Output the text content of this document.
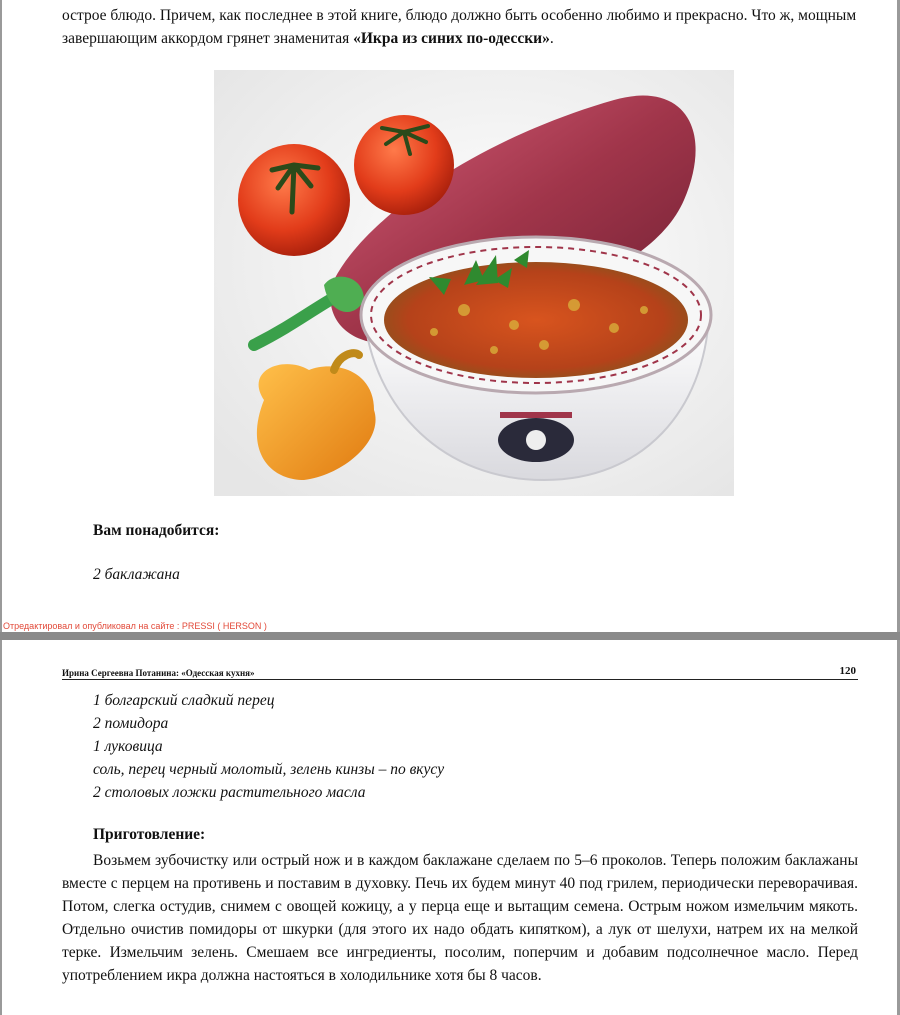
острое блюдо. Причем, как последнее в этой книге, блюдо должно быть особенно любимо и прекрасно. Что ж, мощным завершающим аккордом грянет знаменитая «Икра из синих по-одесски».
Вам понадобится:
2 баклажана
Отредактировал и опубликовал на сайте : PRESSI ( HERSON )
Ирина Сергеевна Потанина: «Одесская кухня»	120
1 болгарский сладкий перец
2 помидора
1 луковица
соль, перец черный молотый, зелень кинзы – по вкусу
2 столовых ложки растительного масла
Приготовление:

Возьмем зубочистку или острый нож и в каждом баклажане сделаем по 5–6 проколов. Теперь положим баклажаны вместе с перцем на противень и поставим в духовку. Печь их будем минут 40 под грилем, периодически переворачивая. Потом, слегка остудив, снимем с овощей кожицу, а у перца еще и вытащим семена. Острым ножом измельчим мякоть. Отдельно очистив помидоры от шкурки (для этого их надо обдать кипятком), а лук от шелухи, натрем их на мелкой терке. Измельчим зелень. Смешаем все ингредиенты, посолим, поперчим и добавим подсолнечное масло. Перед употреблением икра должна настояться в холодильнике хотя бы 8 часов.
